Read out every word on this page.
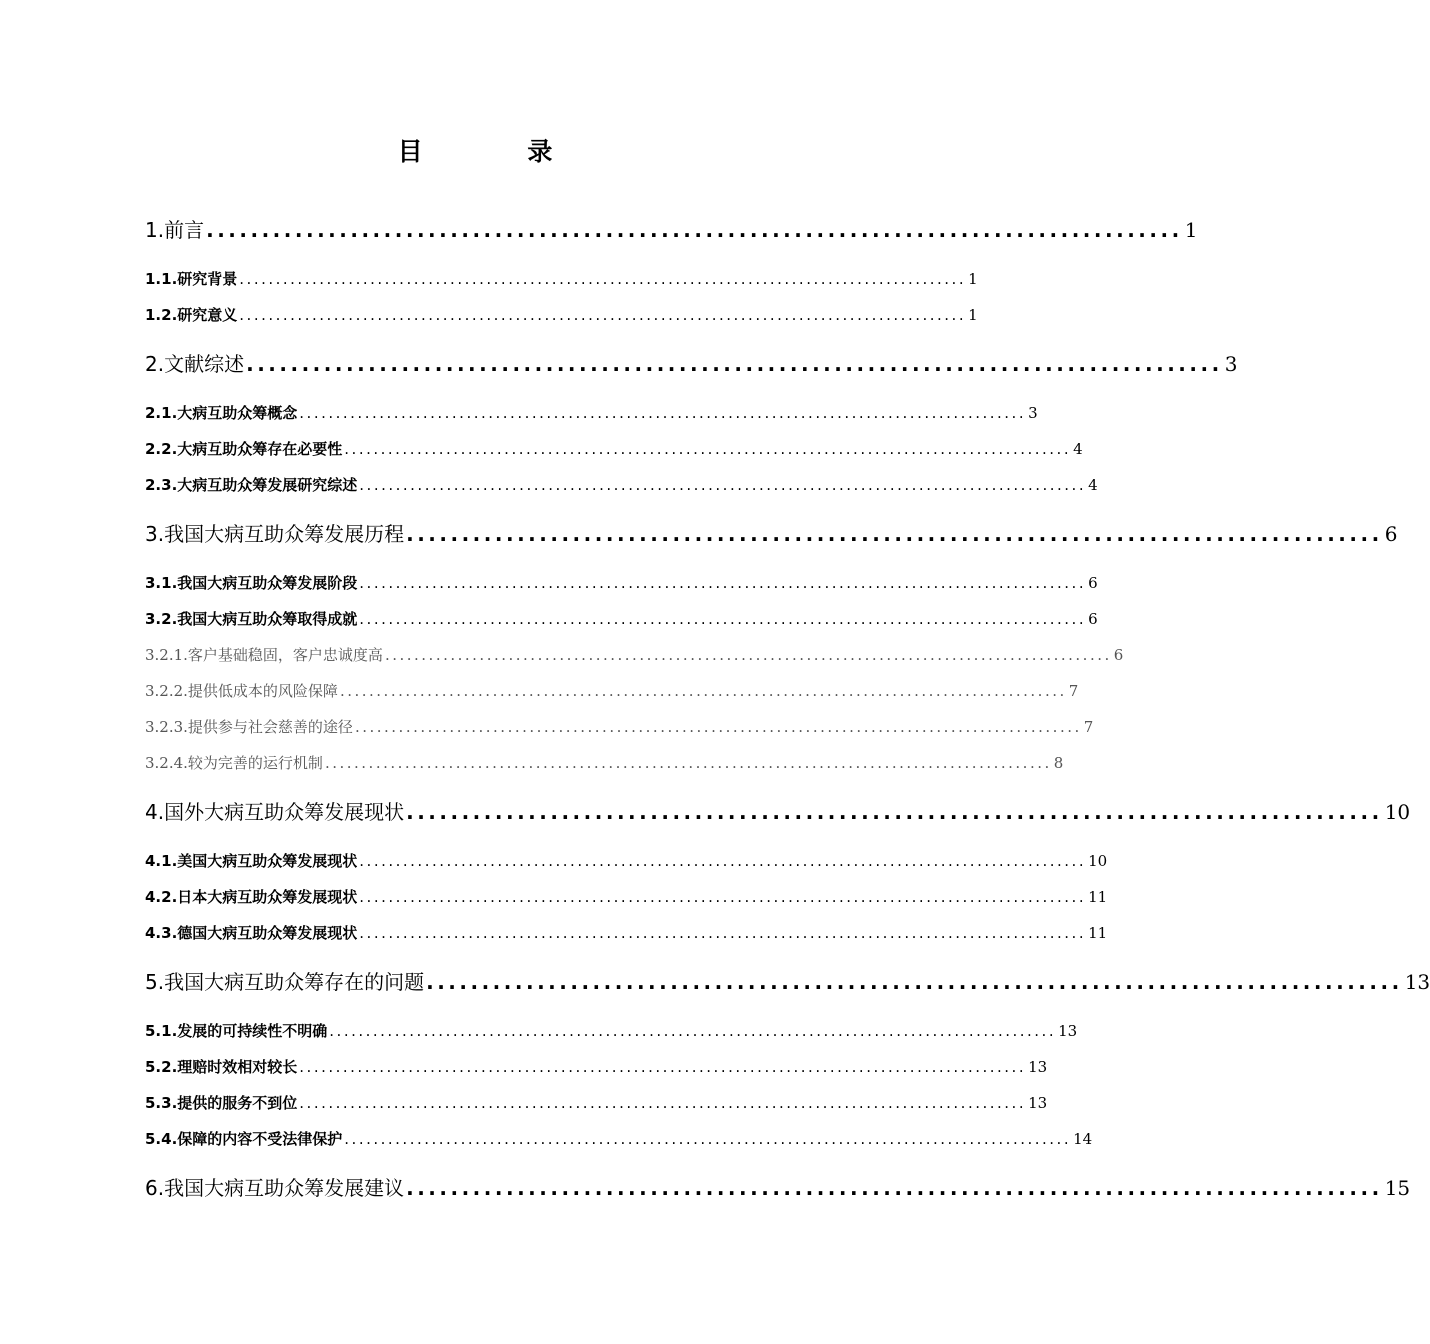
目 录
1.前言 ........................................................................................ 1
1.1.研究背景 .................................................................................................... 1
1.2.研究意义 .................................................................................................... 1
2.文献综述 ........................................................................................ 3
2.1.大病互助众筹概念 .................................................................................................... 3
2.2.大病互助众筹存在必要性 .................................................................................................... 4
2.3.大病互助众筹发展研究综述 .................................................................................................... 4
3.我国大病互助众筹发展历程 ........................................................................................ 6
3.1.我国大病互助众筹发展阶段 .................................................................................................... 6
3.2.我国大病互助众筹取得成就 .................................................................................................... 6
3.2.1.客户基础稳固，客户忠诚度高 .................................................................................................... 6
3.2.2.提供低成本的风险保障 .................................................................................................... 7
3.2.3.提供参与社会慈善的途径 .................................................................................................... 7
3.2.4.较为完善的运行机制 .................................................................................................... 8
4.国外大病互助众筹发展现状 ........................................................................................ 10
4.1.美国大病互助众筹发展现状 .................................................................................................... 10
4.2.日本大病互助众筹发展现状 .................................................................................................... 11
4.3.德国大病互助众筹发展现状 .................................................................................................... 11
5.我国大病互助众筹存在的问题 ........................................................................................ 13
5.1.发展的可持续性不明确 .................................................................................................... 13
5.2.理赔时效相对较长 .................................................................................................... 13
5.3.提供的服务不到位 .................................................................................................... 13
5.4.保障的内容不受法律保护 .................................................................................................... 14
6.我国大病互助众筹发展建议 ........................................................................................ 15
